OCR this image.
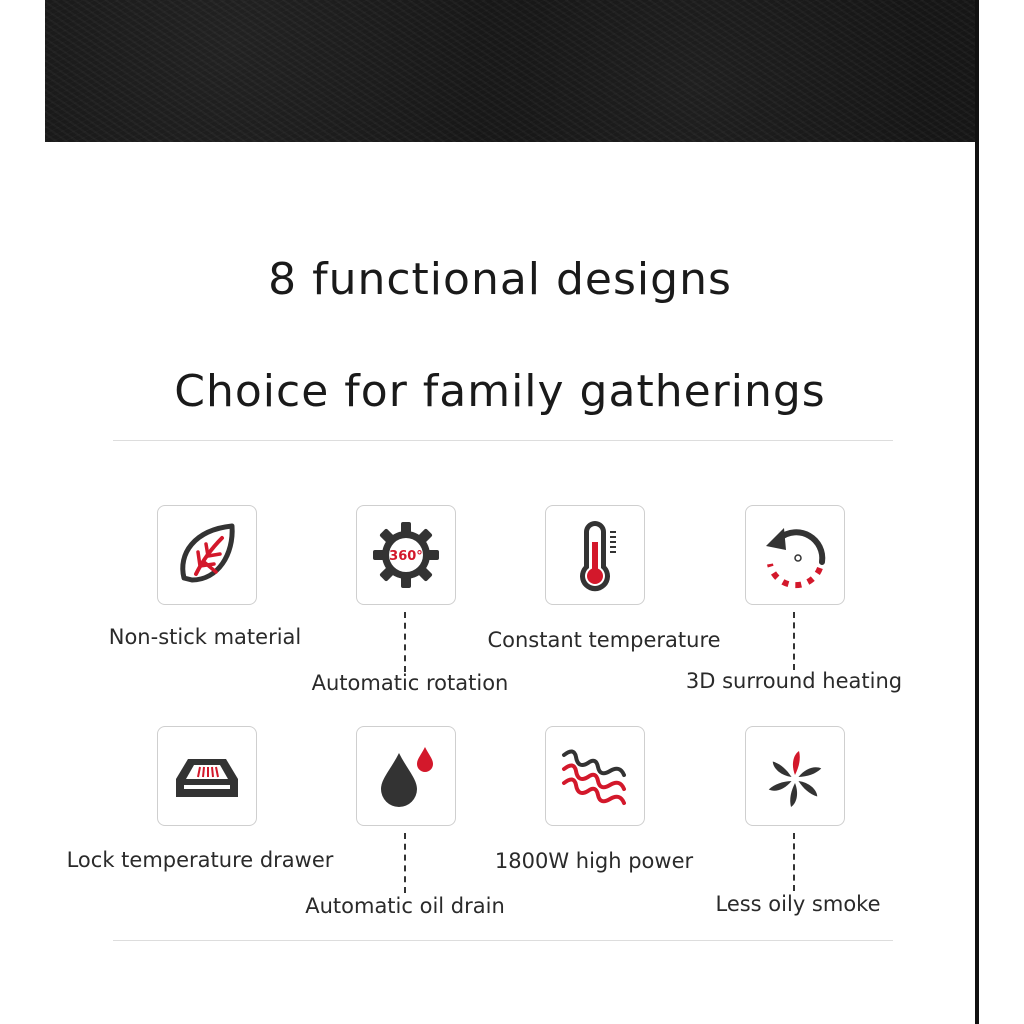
8 functional designs
Choice for family gatherings
Non-stick material
360°
Automatic rotation
Constant temperature
3D surround heating
Lock temperature drawer
Automatic oil drain
1800W high power
Less oily smoke
